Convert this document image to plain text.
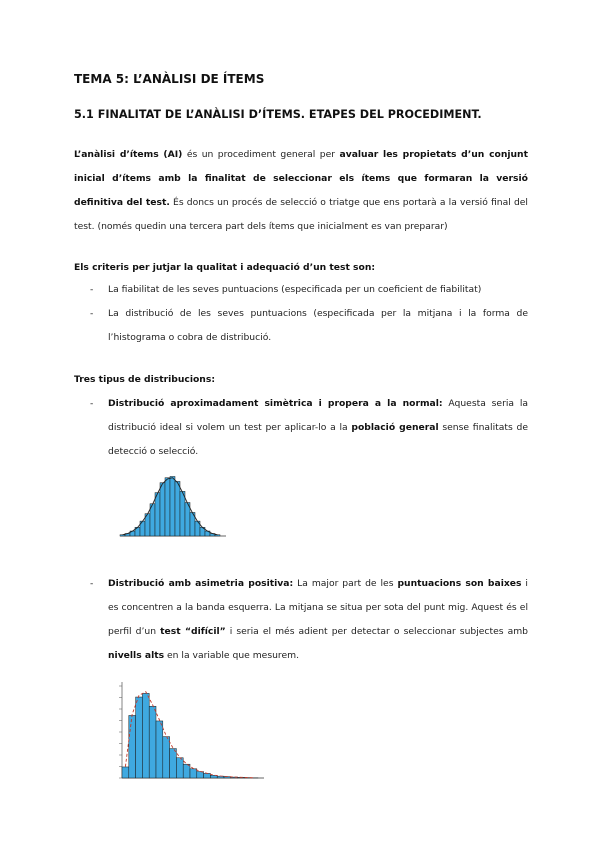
TEMA 5: L’ANÀLISI DE ÍTEMS
5.1 FINALITAT DE L’ANÀLISI D’ÍTEMS. ETAPES DEL PROCEDIMENT.

L’anàlisi d’ítems (AI) és un procediment general per avaluar les propietats d’un conjunt inicial d’ítems amb la finalitat de seleccionar els ítems que formaran la versió definitiva del test. És doncs un procés de selecció o triatge que ens portarà a la versió final del test. (només quedin una tercera part dels ítems que inicialment es van preparar)

Els criteris per jutjar la qualitat i adequació d’un test son:
- La fiabilitat de les seves puntuacions (especificada per un coeficient de fiabilitat)

- La distribució de les seves puntuacions (especificada per la mitjana i la forma de l’histograma o cobra de distribució.

Tres tipus de distribucions:
- Distribució aproximadament simètrica i propera a la normal: Aquesta seria la distribució ideal si volem un test per aplicar-lo a la població general sense finalitats de detecció o selecció.

- Distribució amb asimetria positiva: La major part de les puntuacions son baixes i es concentren a la banda esquerra. La mitjana se situa per sota del punt mig. Aquest és el perfil d’un test “difícil” i seria el més adient per detectar o seleccionar subjectes amb nivells alts en la variable que mesurem.
